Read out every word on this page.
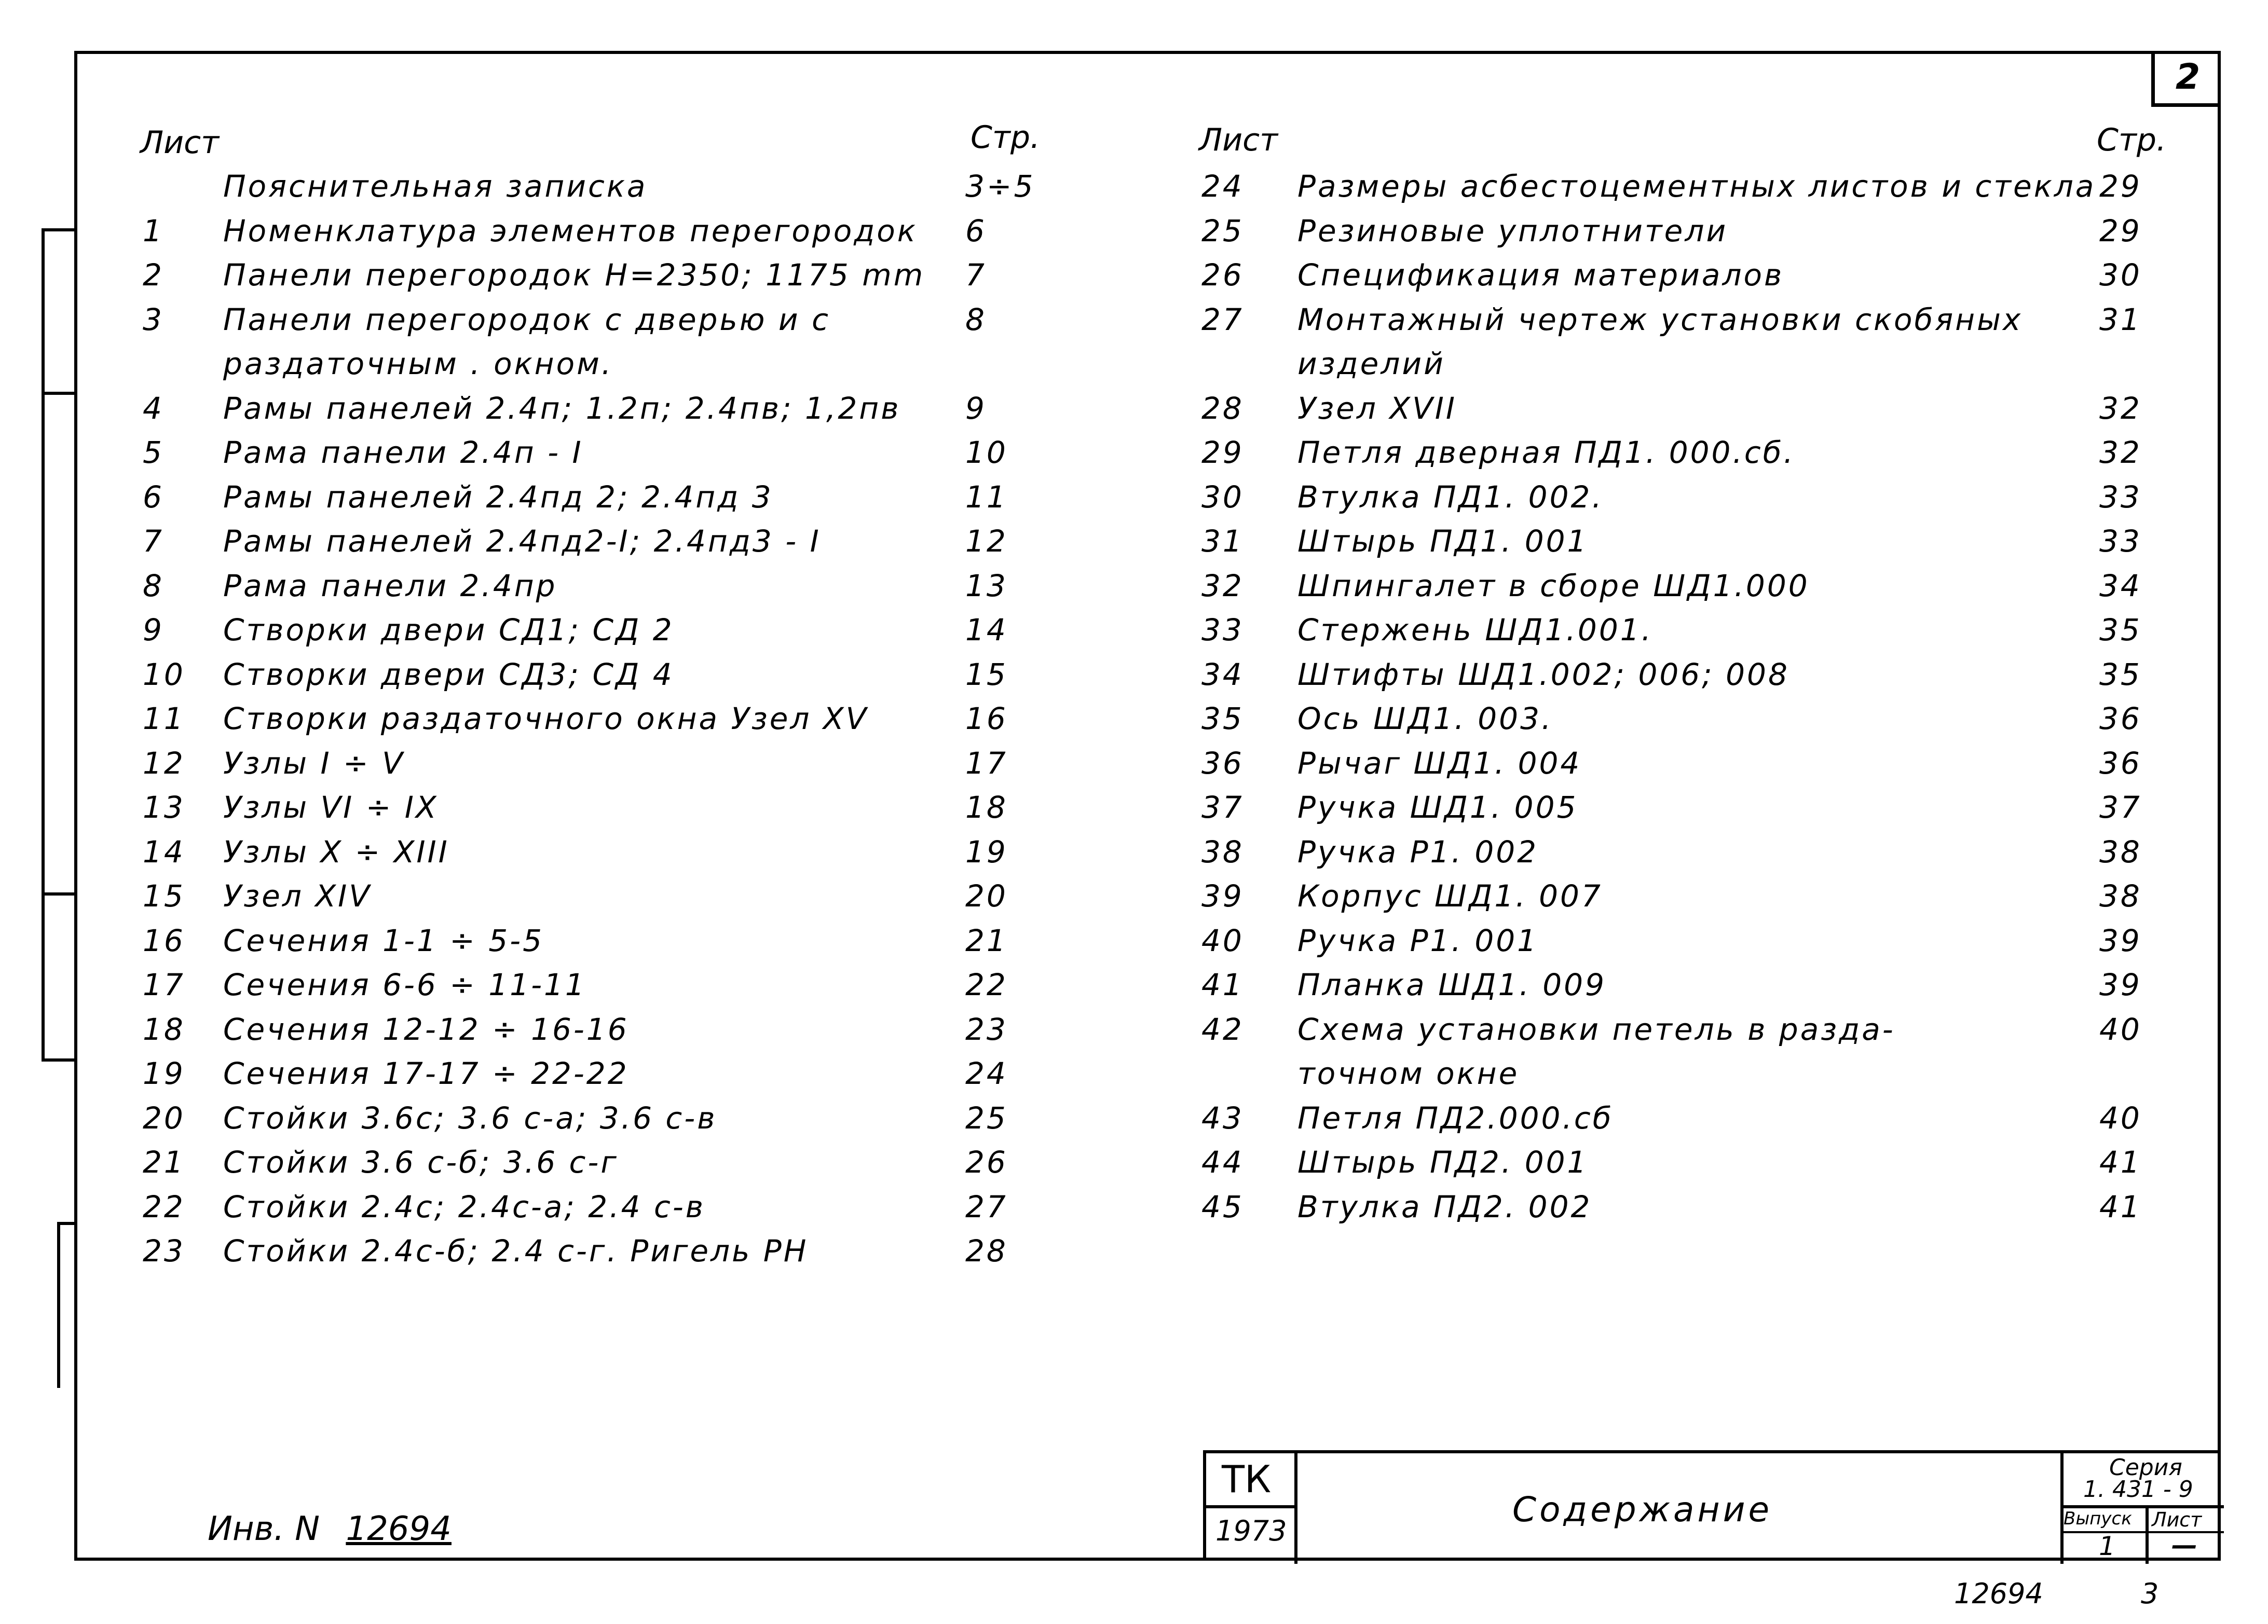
2
Лист	Стр.	Лист	Стр.
Пояснительная записка	3÷5
1 Номенклатура элементов перегородок 6
2 Панели перегородок H=2350; 1175 mm 7
3 Панели перегородок с дверью и с	8
раздаточным . окном.
4 Рамы панелей 2.4п; 1.2п; 2.4пв; 1,2пв 9
5 Рама панели 2.4п - I	10
6 Рамы панелей 2.4пд 2; 2.4пд 3	11
7 Рамы панелей 2.4пд2-I; 2.4пд3 - I	12
8 Рама панели 2.4пр	13
9 Створки двери СД1; СД 2	14
10 Створки двери СД3; СД 4	15
11 Створки раздаточного окна Узел XV	16
12 Узлы I ÷ V	17
13 Узлы VI ÷ IX	18
14 Узлы X ÷ XIII	19
15 Узел XIV	20
16 Сечения 1-1 ÷ 5-5	21
17 Сечения 6-6 ÷ 11-11	22
18 Сечения 12-12 ÷ 16-16	23
19 Сечения 17-17 ÷ 22-22	24
20 Стойки 3.6с; 3.6 с-а; 3.6 с-в	25
21 Стойки 3.6 с-б; 3.6 с-г	26
22 Стойки 2.4с; 2.4с-а; 2.4 с-в	27
23 Стойки 2.4с-б; 2.4 с-г. Ригель РН	28
24 Размеры асбестоцементных листов и стекла 29
25 Резиновые уплотнители	29
26 Спецификация материалов	30
27 Монтажный чертеж установки скобяных	31
изделий
28 Узел XVII	32
29 Петля дверная ПД1. 000.сб.	32
30 Втулка ПД1. 002.	33
31 Штырь ПД1. 001	33
32 Шпингалет в сборе ШД1.000	34
33 Стержень ШД1.001.	35
34 Штифты ШД1.002; 006; 008	35
35 Ось ШД1. 003.	36
36 Рычаг ШД1. 004	36
37 Ручка ШД1. 005	37
38 Ручка Р1. 002	38
39 Корпус ШД1. 007	38
40 Ручка Р1. 001	39
41 Планка ШД1. 009	39
42 Схема установки петель в разда-	40
точном окне
43 Петля ПД2.000.сб	40
44 Штырь ПД2. 001	41
45 Втулка ПД2. 002	41
ТК
1973
Содержание
Серия
1. 431 - 9
Выпуск
1
Лист
—
Инв. N 12694
12694	3
